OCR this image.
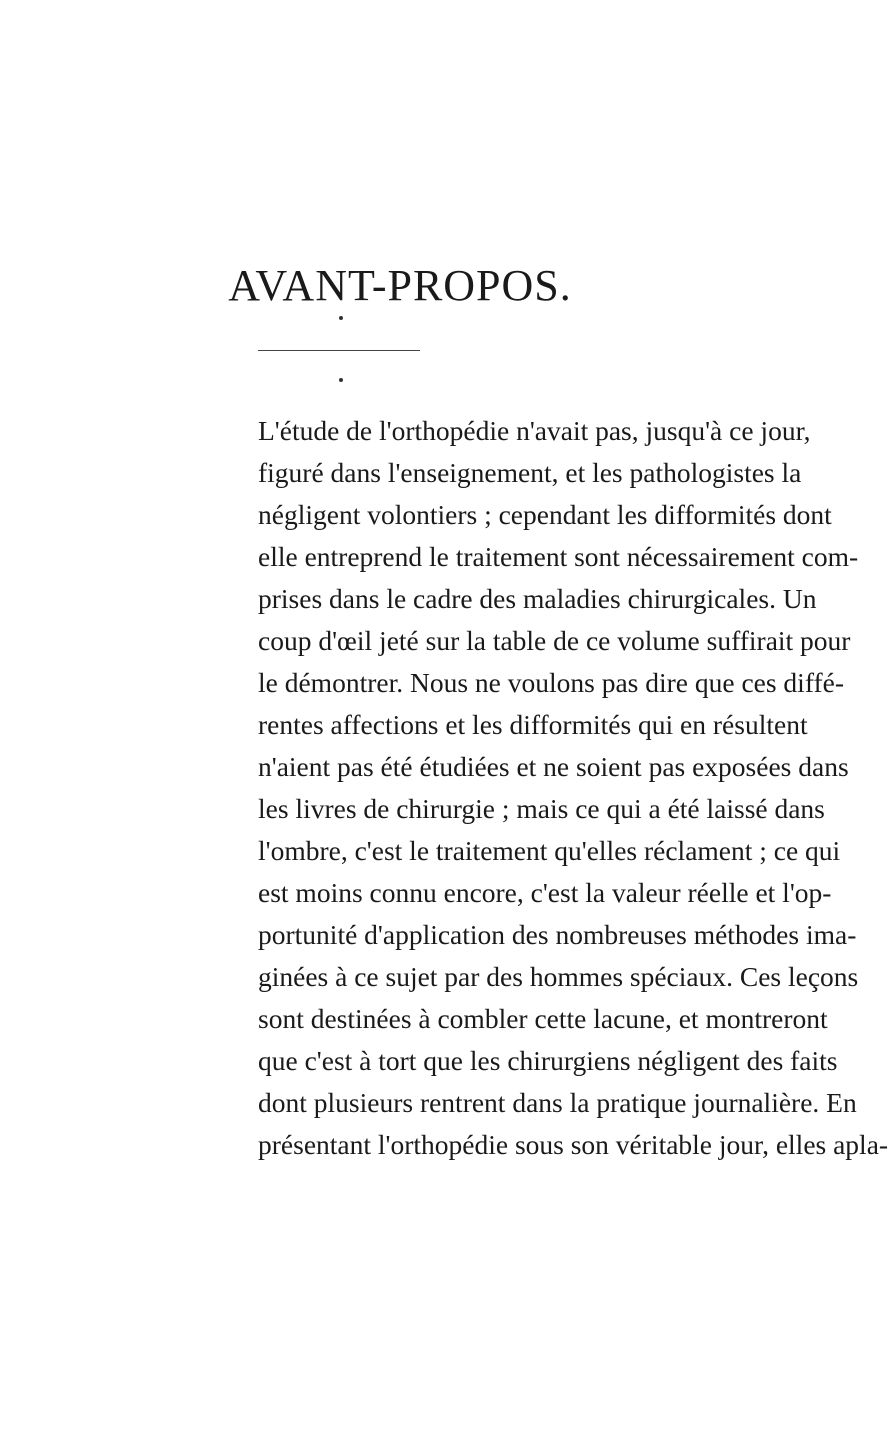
AVANT-PROPOS.
L'étude de l'orthopédie n'avait pas, jusqu'à ce jour,
figuré dans l'enseignement, et les pathologistes la
négligent volontiers ; cependant les difformités dont
elle entreprend le traitement sont nécessairement com-
prises dans le cadre des maladies chirurgicales. Un
coup d'œil jeté sur la table de ce volume suffirait pour
le démontrer. Nous ne voulons pas dire que ces diffé-
rentes affections et les difformités qui en résultent
n'aient pas été étudiées et ne soient pas exposées dans
les livres de chirurgie ; mais ce qui a été laissé dans
l'ombre, c'est le traitement qu'elles réclament ; ce qui
est moins connu encore, c'est la valeur réelle et l'op-
portunité d'application des nombreuses méthodes ima-
ginées à ce sujet par des hommes spéciaux. Ces leçons
sont destinées à combler cette lacune, et montreront
que c'est à tort que les chirurgiens négligent des faits
dont plusieurs rentrent dans la pratique journalière. En
présentant l'orthopédie sous son véritable jour, elles apla-
